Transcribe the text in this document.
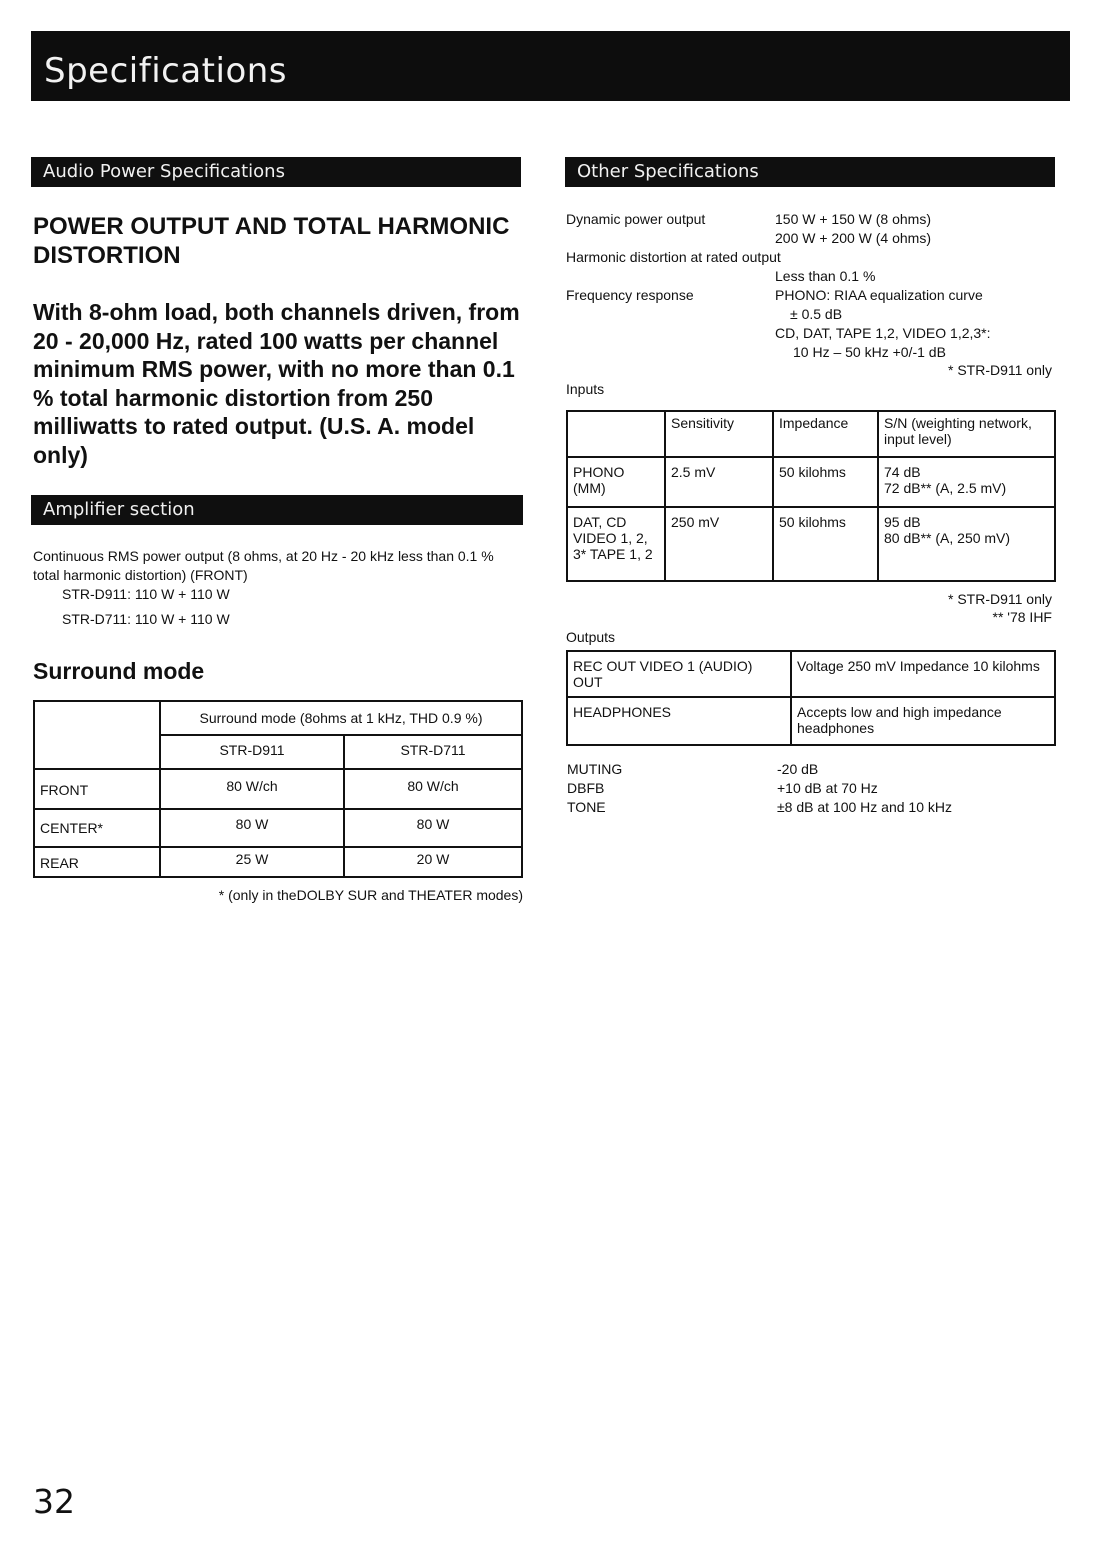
Specifications
Audio Power Specifications
POWER OUTPUT AND TOTAL HARMONIC DISTORTION
With 8-ohm load, both channels driven, from 20 - 20,000 Hz, rated 100 watts per channel minimum RMS power, with no more than 0.1 % total harmonic distortion from 250 milliwatts to rated output. (U.S. A. model only)
Amplifier section
Continuous RMS power output (8 ohms, at 20 Hz - 20 kHz less than 0.1 % total harmonic distortion) (FRONT)
STR-D911: 110 W + 110 W
STR-D711: 110 W + 110 W
Surround mode
	Surround mode (8ohms at 1 kHz, THD 0.9 %)	
	STR-D911	STR-D711
FRONT	80 W/ch	80 W/ch
CENTER*	80 W	80 W
REAR	25 W	20 W
* (only in theDOLBY SUR and THEATER modes)
Other Specifications
Dynamic power output	150 W + 150 W (8 ohms)
200 W + 200 W (4 ohms)
Harmonic distortion at rated output
Less than 0.1 %
Frequency response	PHONO: RIAA equalization curve
± 0.5 dB
CD, DAT, TAPE 1,2, VIDEO 1,2,3*:
10 Hz – 50 kHz +0/-1 dB
* STR-D911 only
Inputs
	Sensitivity	Impedance	S/N (weighting network, input level)
PHONO (MM)	2.5 mV	50 kilohms	74 dB
72 dB** (A, 2.5 mV)

DAT, CD VIDEO 1, 2, 3* TAPE 1, 2	250 mV	50 kilohms	95 dB
80 dB** (A, 250 mV)
* STR-D911 only
** '78 IHF
Outputs
REC OUT VIDEO 1 (AUDIO) OUT	Voltage 250 mV Impedance 10 kilohms
HEADPHONES	Accepts low and high impedance headphones
MUTING	-20 dB
DBFB	+10 dB at 70 Hz
TONE	±8 dB at 100 Hz and 10 kHz
32
